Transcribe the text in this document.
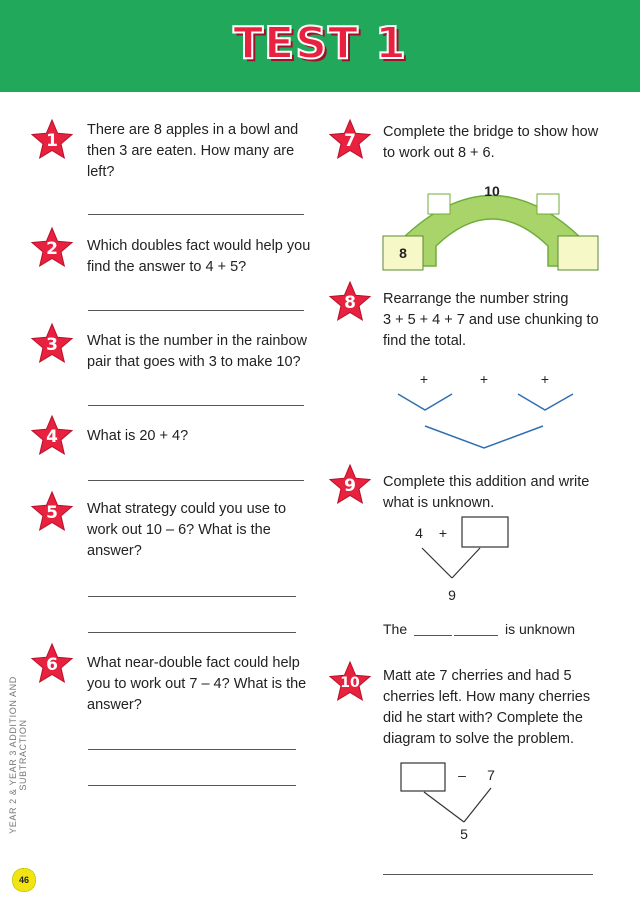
TEST 1
YEAR 2 & YEAR 3 ADDITION AND SUBTRACTION
46
1
2
3
4
5
6
7
8
9
10
There are 8 apples in a bowl and
then 3 are eaten. How many are
left?
Which doubles fact would help you
find the answer to 4 + 5?
What is the number in the rainbow
pair that goes with 3 to make 10?
What is 20 + 4?
What strategy could you use to
work out 10 – 6? What is the
answer?
What near-double fact could help
you to work out 7 – 4? What is the
answer?
Complete the bridge to show how
to work out 8 + 6.
Rearrange the number string
3 + 5 + 4 + 7 and use chunking to
find the total.
Complete this addition and write
what is unknown.
Matt ate 7 cherries and had 5
cherries left. How many cherries
did he start with? Complete the
diagram to solve the problem.
8
10
+	+	+
4 +
9
The	is unknown
– 7
5
